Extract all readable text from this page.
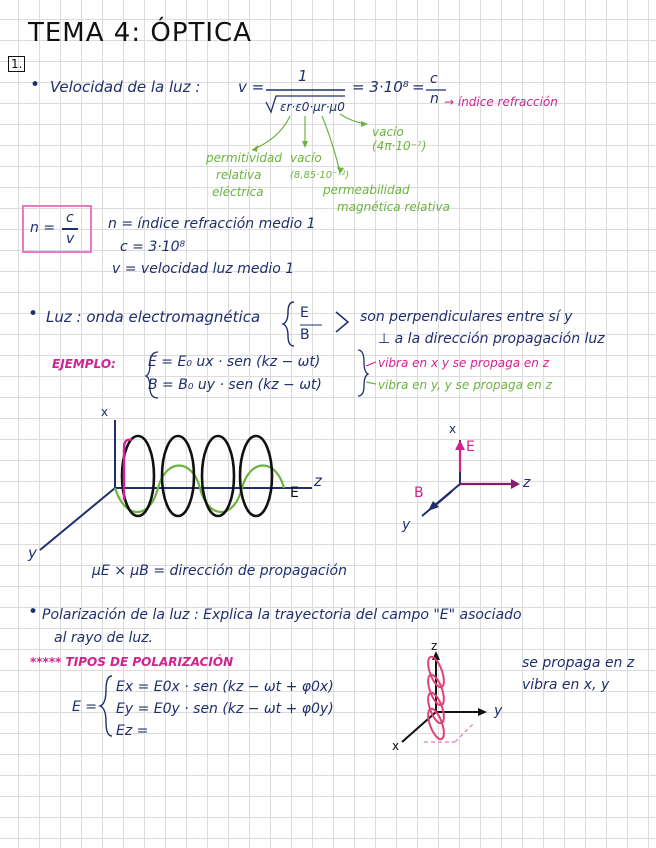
TEMA 4: ÓPTICA
1.
• Velocidad de la luz :	v =
1
εr·ε0·μr·μ0
= 3·10⁸ = c
n → índice refracción
permitividad
relativa
eléctrica
vacío
(8,85·10⁻¹²)
vacío
(4π·10⁻⁷)
permeabilidad
magnética relativa
n =
c
v
n = índice refracción medio 1
c = 3·10⁸
v = velocidad luz medio 1
• Luz : onda electromagnética	E
B
son perpendiculares entre sí y
⊥ a la dirección propagación luz
EJEMPLO: E = E₀ ux · sen (kz − ωt)
B = B₀ uy · sen (kz − ωt)
vibra en x y se propaga en z
vibra en y, y se propaga en z
x
y
z
E
x
E
z
B
y
μE × μB = dirección de propagación
• Polarización de la luz : Explica la trayectoria del campo "E" asociado
al rayo de luz.
***** TIPOS DE POLARIZACIÓN
E =
Ex = E0x · sen (kz − ωt + φ0x)
Ey = E0y · sen (kz − ωt + φ0y)
Ez =
z
y
x
se propaga en z
vibra en x, y
